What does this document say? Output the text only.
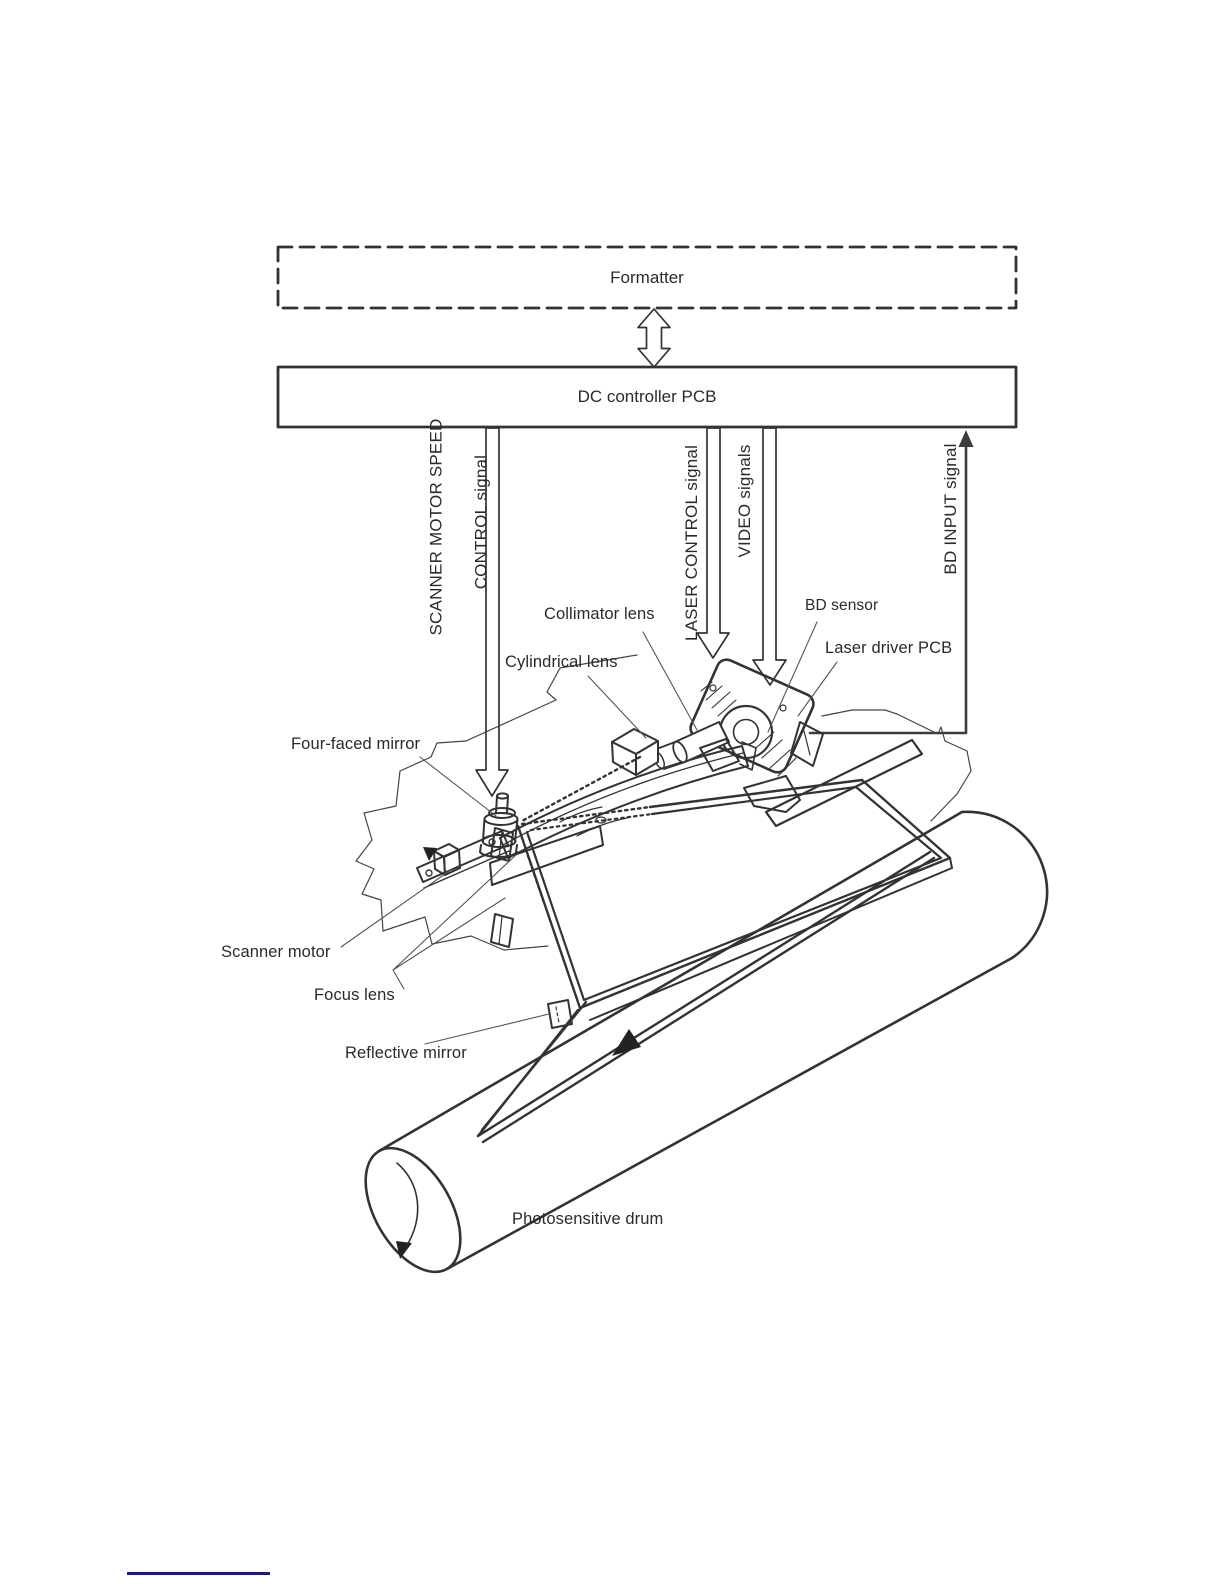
Formatter
DC controller PCB
SCANNER MOTOR SPEED CONTROL signal	LASER CONTROL signal VIDEO signals	BD INPUT signal
Collimator lens
Cylindrical lens
BD sensor
Laser driver PCB
Four-faced mirror
Scanner motor
Focus lens
Reflective mirror
Photosensitive drum
